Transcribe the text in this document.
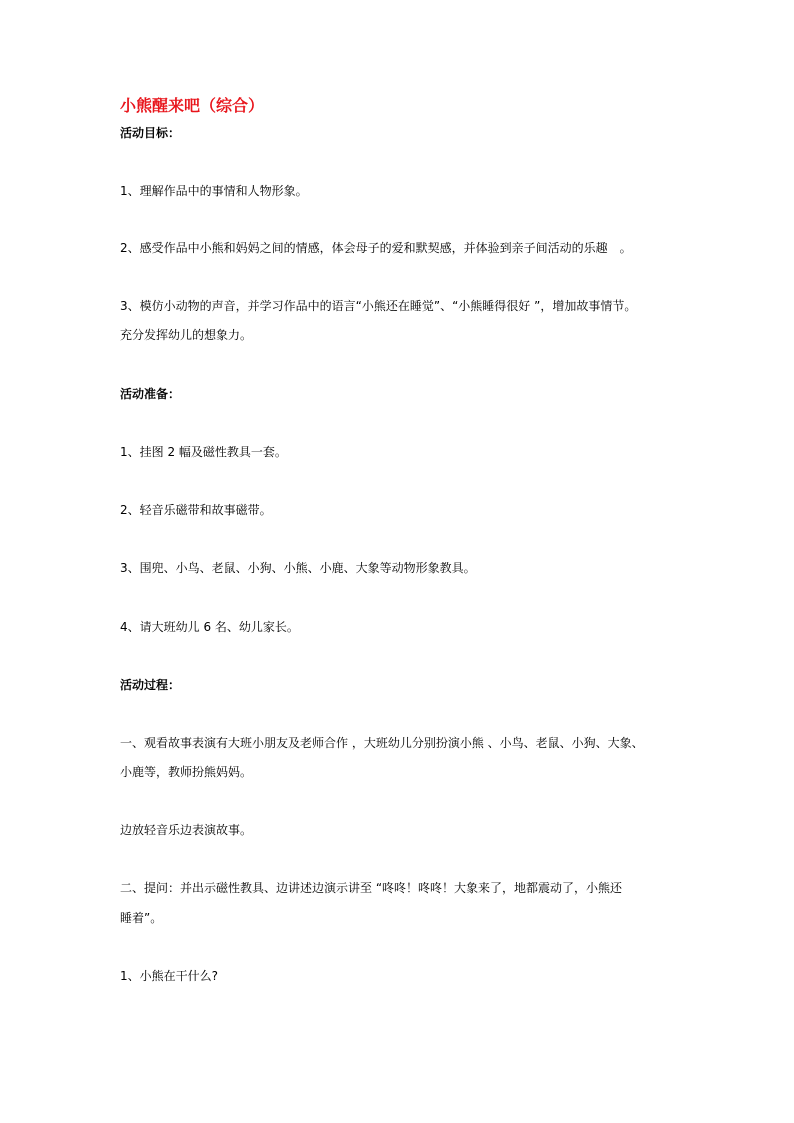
小熊醒来吧（综合）
活动目标：
1、理解作品中的事情和人物形象。
2、感受作品中小熊和妈妈之间的情感，体会母子的爱和默契感，并体验到亲子间活动的乐趣　。
3、模仿小动物的声音，并学习作品中的语言“小熊还在睡觉”、“小熊睡得很好 ”，增加故事情节。
充分发挥幼儿的想象力。
活动准备：
1、挂图 2 幅及磁性教具一套。
2、轻音乐磁带和故事磁带。
3、围兜、小鸟、老鼠、小狗、小熊、小鹿、大象等动物形象教具。
4、请大班幼儿 6 名、幼儿家长。
活动过程：
一、观看故事表演有大班小朋友及老师合作 ，大班幼儿分别扮演小熊 、小鸟、老鼠、小狗、大象、
小鹿等，教师扮熊妈妈。
边放轻音乐边表演故事。
二、提问：并出示磁性教具、边讲述边演示讲至 “咚咚！咚咚！大象来了，地都震动了，小熊还
睡着”。
1、小熊在干什么?
